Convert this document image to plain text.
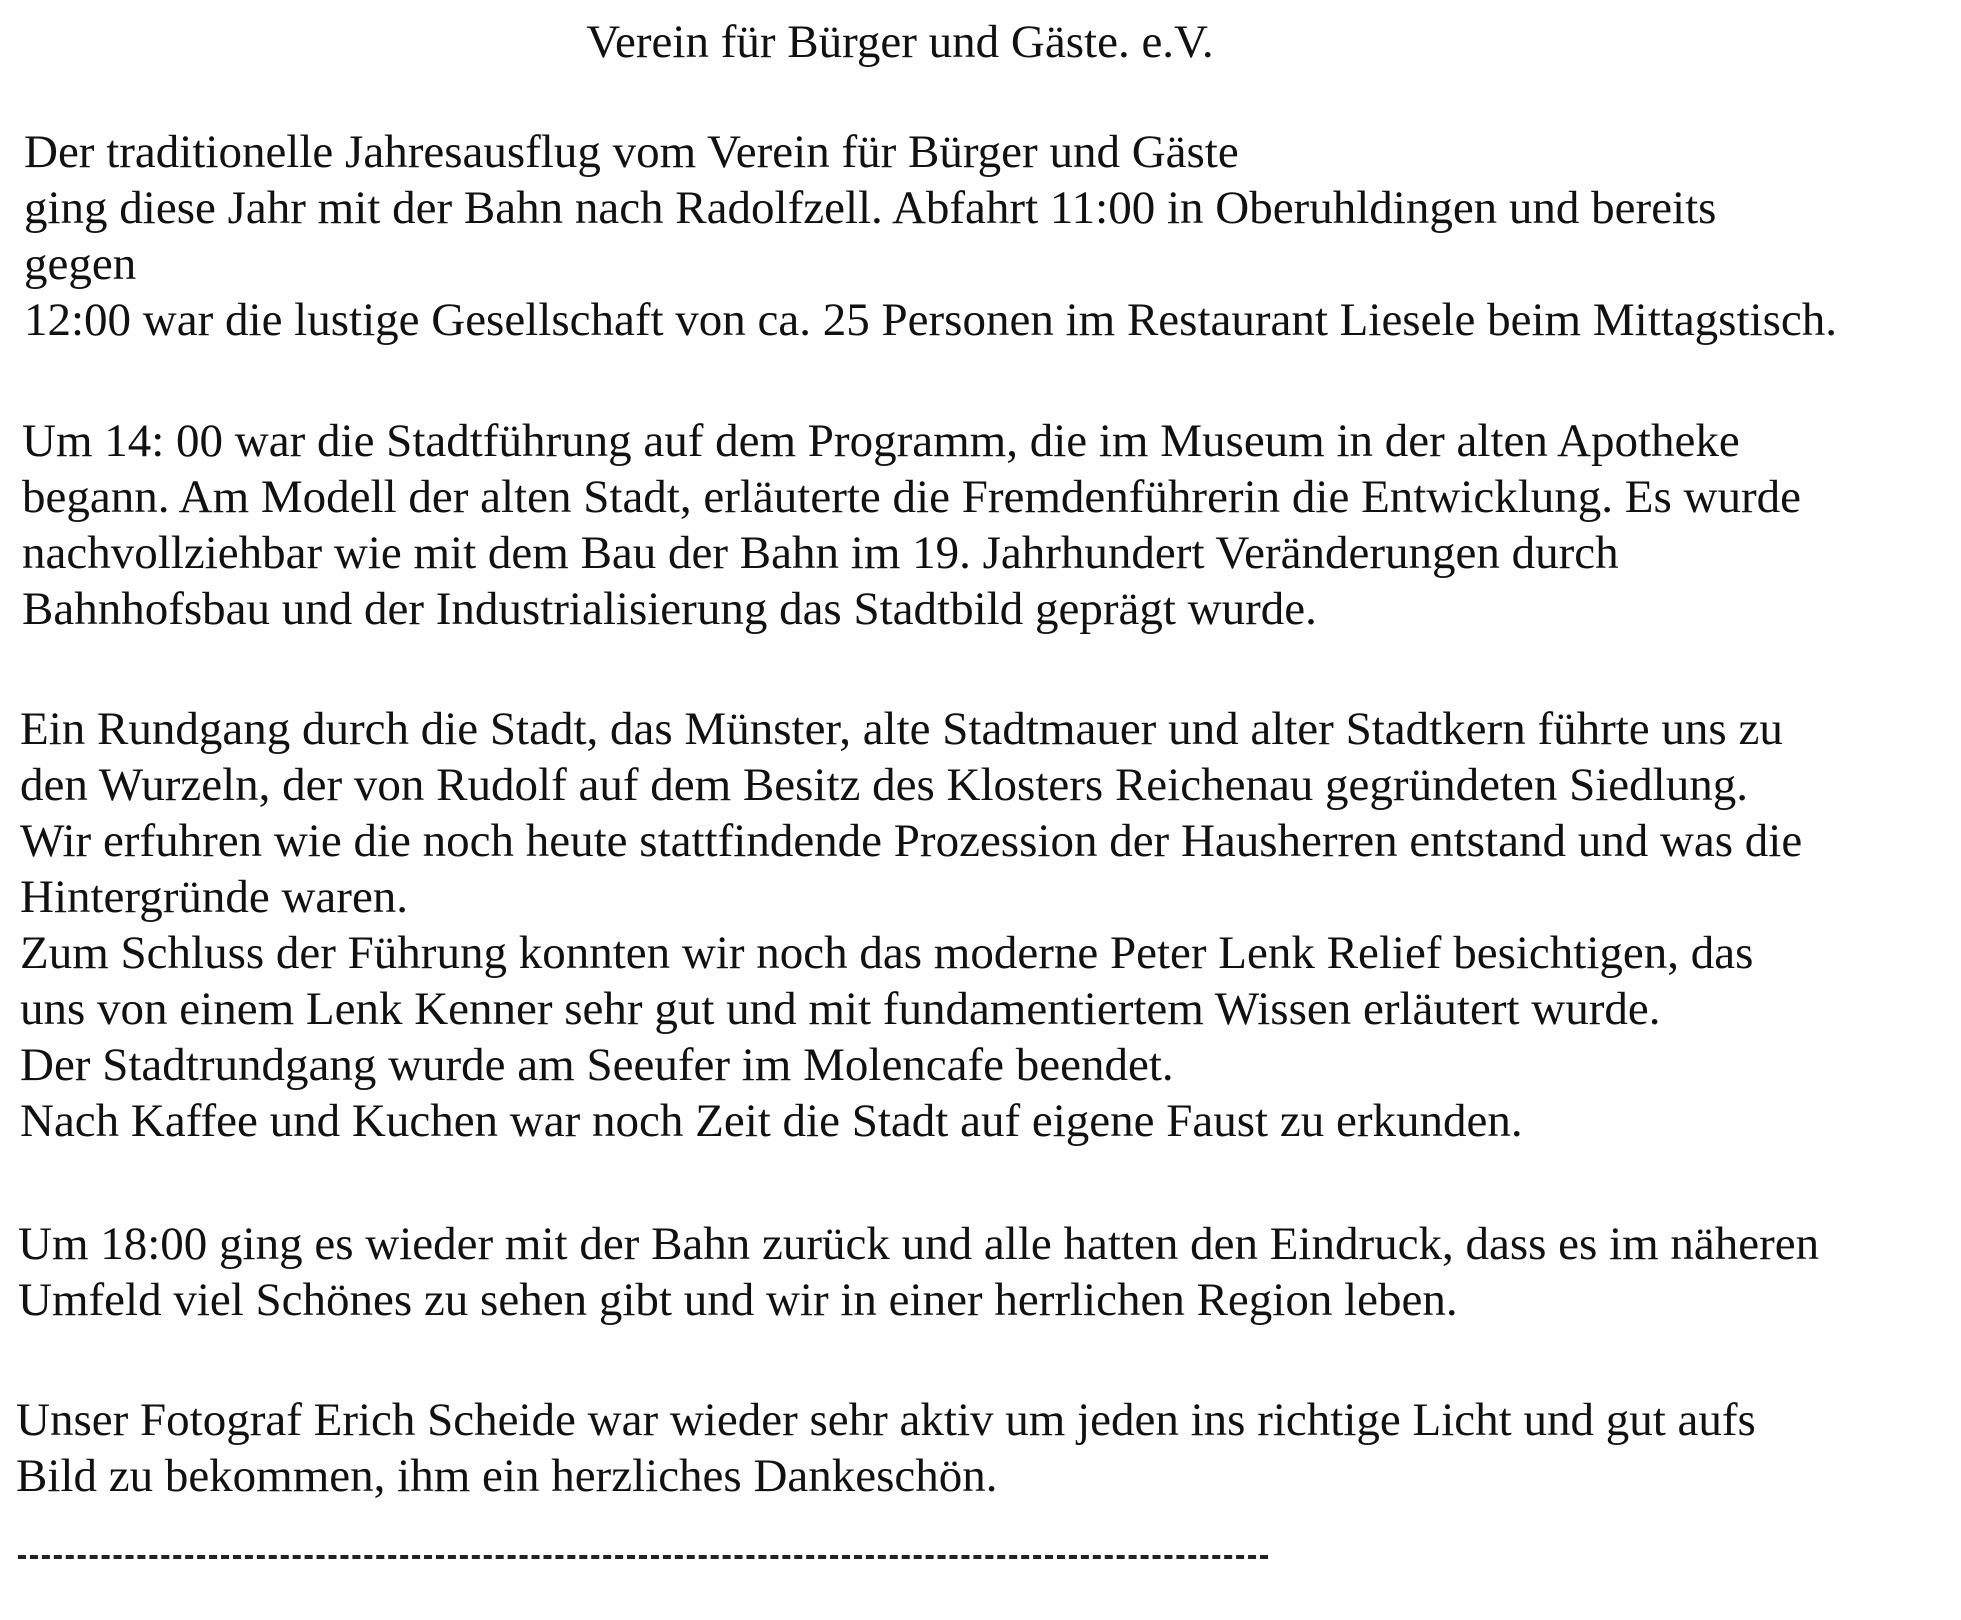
Verein für Bürger und Gäste. e.V.
Der traditionelle Jahresausflug vom Verein für Bürger und Gäste
ging diese Jahr mit der Bahn nach Radolfzell. Abfahrt 11:00 in Oberuhldingen und bereits
gegen
12:00 war die lustige Gesellschaft von ca. 25 Personen im Restaurant Liesele beim Mittagstisch.
Um 14: 00 war die Stadtführung auf dem Programm, die im Museum in der alten Apotheke
begann. Am Modell der alten Stadt, erläuterte die Fremdenführerin die Entwicklung. Es wurde
nachvollziehbar wie mit dem Bau der Bahn im 19. Jahrhundert Veränderungen durch
Bahnhofsbau und der Industrialisierung das Stadtbild geprägt wurde.
Ein Rundgang durch die Stadt, das Münster, alte Stadtmauer und alter Stadtkern führte uns zu
den Wurzeln, der von Rudolf auf dem Besitz des Klosters Reichenau gegründeten Siedlung.
Wir erfuhren wie die noch heute stattfindende Prozession der Hausherren entstand und was die
Hintergründe waren.
Zum Schluss der Führung konnten wir noch das moderne Peter Lenk Relief besichtigen, das
uns von einem Lenk Kenner sehr gut und mit fundamentiertem Wissen erläutert wurde.
Der Stadtrundgang wurde am Seeufer im Molencafe beendet.
Nach Kaffee und Kuchen war noch Zeit die Stadt auf eigene Faust zu erkunden.
Um 18:00 ging es wieder mit der Bahn zurück und alle hatten den Eindruck, dass es im näheren
Umfeld viel Schönes zu sehen gibt und wir in einer herrlichen Region leben.
Unser Fotograf Erich Scheide war wieder sehr aktiv um jeden ins richtige Licht und gut aufs
Bild zu bekommen, ihm ein herzliches Dankeschön.
